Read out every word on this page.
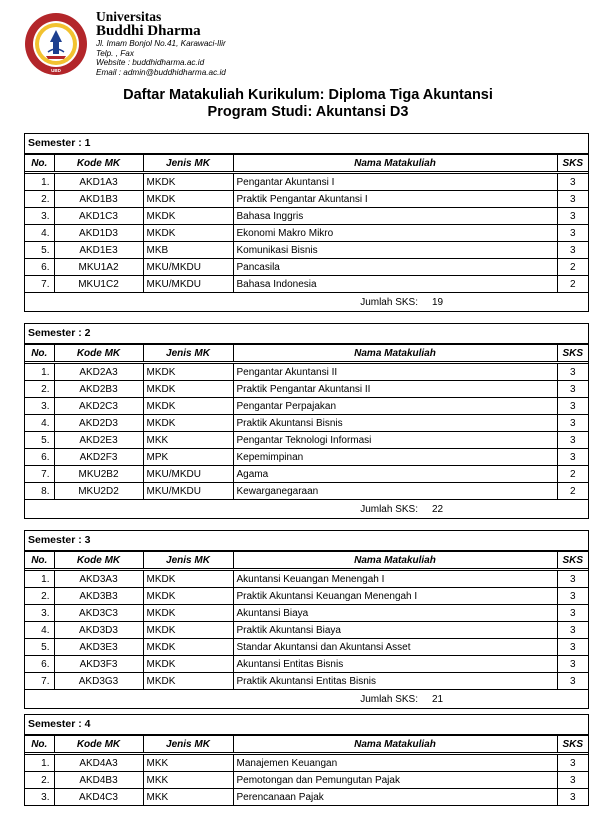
UBD
Universitas
Buddhi Dharma
Jl. Imam Bonjol No.41, Karawaci-Ilir
Telp. , Fax
Website : buddhidharma.ac.id
Email : admin@buddhidharma.ac.id
Daftar Matakuliah Kurikulum: Diploma Tiga Akuntansi
Program Studi: Akuntansi D3
Semester : 1
No.	Kode MK	Jenis MK	Nama Matakuliah	SKS

1.	AKD1A3	MKDK	Pengantar Akuntansi I	3
2.	AKD1B3	MKDK	Praktik Pengantar Akuntansi I	3
3.	AKD1C3	MKDK	Bahasa Inggris	3
4.	AKD1D3	MKDK	Ekonomi Makro Mikro	3
5.	AKD1E3	MKB	Komunikasi Bisnis	3
6.	MKU1A2	MKU/MKDU	Pancasila	2
7.	MKU1C2	MKU/MKDU	Bahasa Indonesia	2
Jumlah SKS: 19				
Semester : 2
No.	Kode MK	Jenis MK	Nama Matakuliah	SKS

1.	AKD2A3	MKDK	Pengantar Akuntansi II	3
2.	AKD2B3	MKDK	Praktik Pengantar Akuntansi II	3
3.	AKD2C3	MKDK	Pengantar Perpajakan	3
4.	AKD2D3	MKDK	Praktik Akuntansi Bisnis	3
5.	AKD2E3	MKK	Pengantar Teknologi Informasi	3
6.	AKD2F3	MPK	Kepemimpinan	3
7.	MKU2B2	MKU/MKDU	Agama	2
8.	MKU2D2	MKU/MKDU	Kewarganegaraan	2
Jumlah SKS: 22				
Semester : 3
No.	Kode MK	Jenis MK	Nama Matakuliah	SKS

1.	AKD3A3	MKDK	Akuntansi Keuangan Menengah I	3
2.	AKD3B3	MKDK	Praktik Akuntansi Keuangan Menengah I	3
3.	AKD3C3	MKDK	Akuntansi Biaya	3
4.	AKD3D3	MKDK	Praktik Akuntansi Biaya	3
5.	AKD3E3	MKDK	Standar Akuntansi dan Akuntansi Asset	3
6.	AKD3F3	MKDK	Akuntansi Entitas Bisnis	3
7.	AKD3G3	MKDK	Praktik Akuntansi Entitas Bisnis	3
Jumlah SKS: 21				
Semester : 4
No.	Kode MK	Jenis MK	Nama Matakuliah	SKS

1.	AKD4A3	MKK	Manajemen Keuangan	3
2.	AKD4B3	MKK	Pemotongan dan Pemungutan Pajak	3
3.	AKD4C3	MKK	Perencanaan Pajak	3
